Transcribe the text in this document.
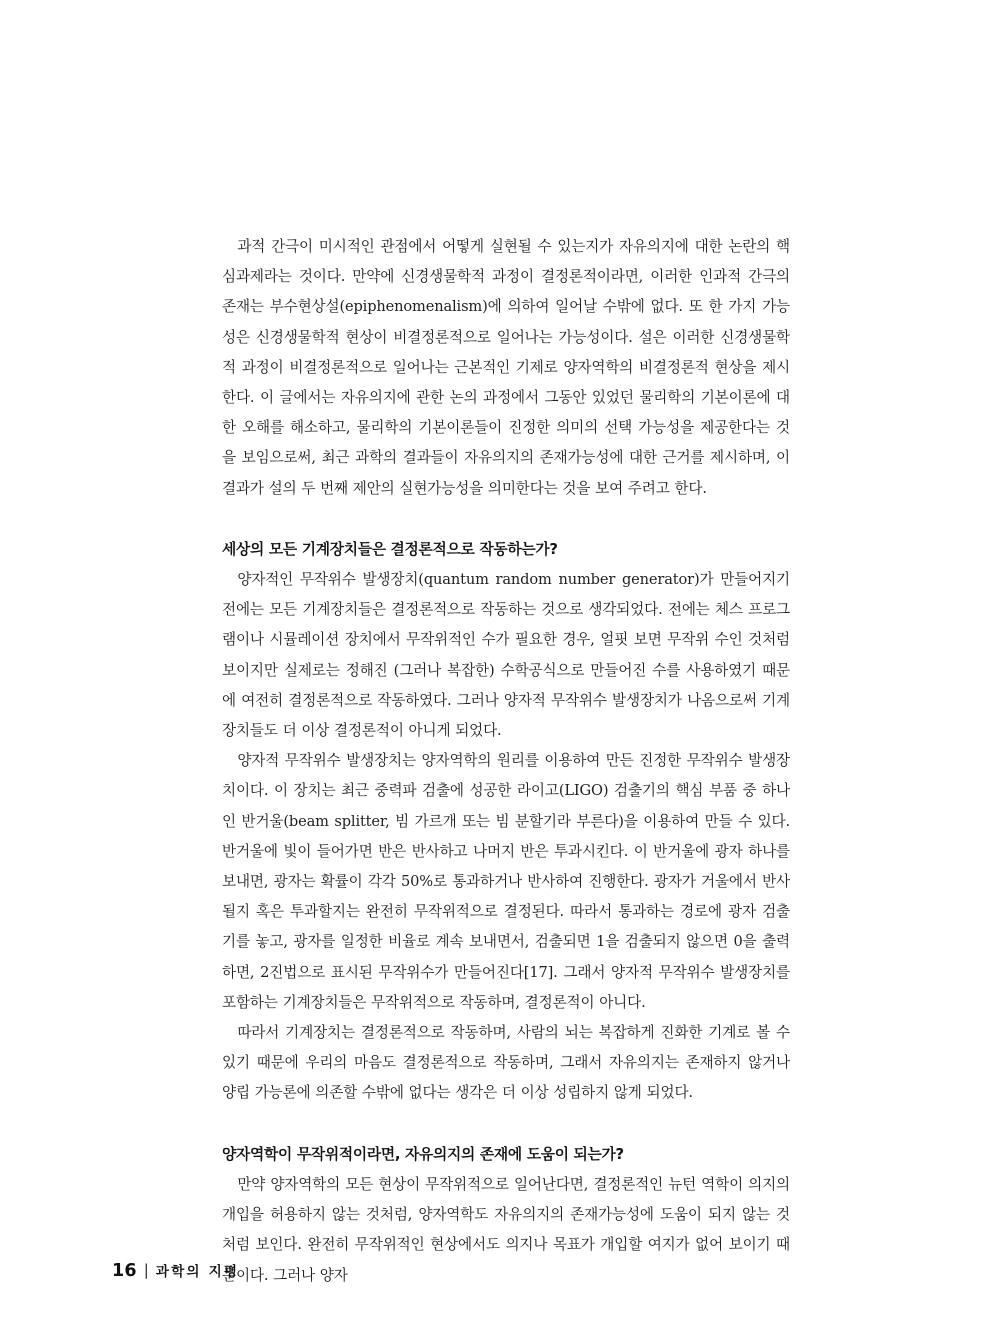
과적 간극이 미시적인 관점에서 어떻게 실현될 수 있는지가 자유의지에 대한 논란의 핵심과제라는 것이다. 만약에 신경생물학적 과정이 결정론적이라면, 이러한 인과적 간극의 존재는 부수현상설(epiphenomenalism)에 의하여 일어날 수밖에 없다. 또 한 가지 가능성은 신경생물학적 현상이 비결정론적으로 일어나는 가능성이다. 설은 이러한 신경생물학적 과정이 비결정론적으로 일어나는 근본적인 기제로 양자역학의 비결정론적 현상을 제시한다. 이 글에서는 자유의지에 관한 논의 과정에서 그동안 있었던 물리학의 기본이론에 대한 오해를 해소하고, 물리학의 기본이론들이 진정한 의미의 선택 가능성을 제공한다는 것을 보임으로써, 최근 과학의 결과들이 자유의지의 존재가능성에 대한 근거를 제시하며, 이 결과가 설의 두 번째 제안의 실현가능성을 의미한다는 것을 보여 주려고 한다.

세상의 모든 기계장치들은 결정론적으로 작동하는가?

양자적인 무작위수 발생장치(quantum random number generator)가 만들어지기 전에는 모든 기계장치들은 결정론적으로 작동하는 것으로 생각되었다. 전에는 체스 프로그램이나 시뮬레이션 장치에서 무작위적인 수가 필요한 경우, 얼핏 보면 무작위 수인 것처럼 보이지만 실제로는 정해진 (그러나 복잡한) 수학공식으로 만들어진 수를 사용하였기 때문에 여전히 결정론적으로 작동하였다. 그러나 양자적 무작위수 발생장치가 나옴으로써 기계장치들도 더 이상 결정론적이 아니게 되었다.

양자적 무작위수 발생장치는 양자역학의 원리를 이용하여 만든 진정한 무작위수 발생장치이다. 이 장치는 최근 중력파 검출에 성공한 라이고(LIGO) 검출기의 핵심 부품 중 하나인 반거울(beam splitter, 빔 가르개 또는 빔 분할기라 부른다)을 이용하여 만들 수 있다. 반거울에 빛이 들어가면 반은 반사하고 나머지 반은 투과시킨다. 이 반거울에 광자 하나를 보내면, 광자는 확률이 각각 50%로 통과하거나 반사하여 진행한다. 광자가 거울에서 반사될지 혹은 투과할지는 완전히 무작위적으로 결정된다. 따라서 통과하는 경로에 광자 검출기를 놓고, 광자를 일정한 비율로 계속 보내면서, 검출되면 1을 검출되지 않으면 0을 출력하면, 2진법으로 표시된 무작위수가 만들어진다[17]. 그래서 양자적 무작위수 발생장치를 포함하는 기계장치들은 무작위적으로 작동하며, 결정론적이 아니다.

따라서 기계장치는 결정론적으로 작동하며, 사람의 뇌는 복잡하게 진화한 기계로 볼 수 있기 때문에 우리의 마음도 결정론적으로 작동하며, 그래서 자유의지는 존재하지 않거나 양립 가능론에 의존할 수밖에 없다는 생각은 더 이상 성립하지 않게 되었다.

양자역학이 무작위적이라면, 자유의지의 존재에 도움이 되는가?

만약 양자역학의 모든 현상이 무작위적으로 일어난다면, 결정론적인 뉴턴 역학이 의지의 개입을 허용하지 않는 것처럼, 양자역학도 자유의지의 존재가능성에 도움이 되지 않는 것처럼 보인다. 완전히 무작위적인 현상에서도 의지나 목표가 개입할 여지가 없어 보이기 때문이다. 그러나 양자

16 | 과학의 지평
